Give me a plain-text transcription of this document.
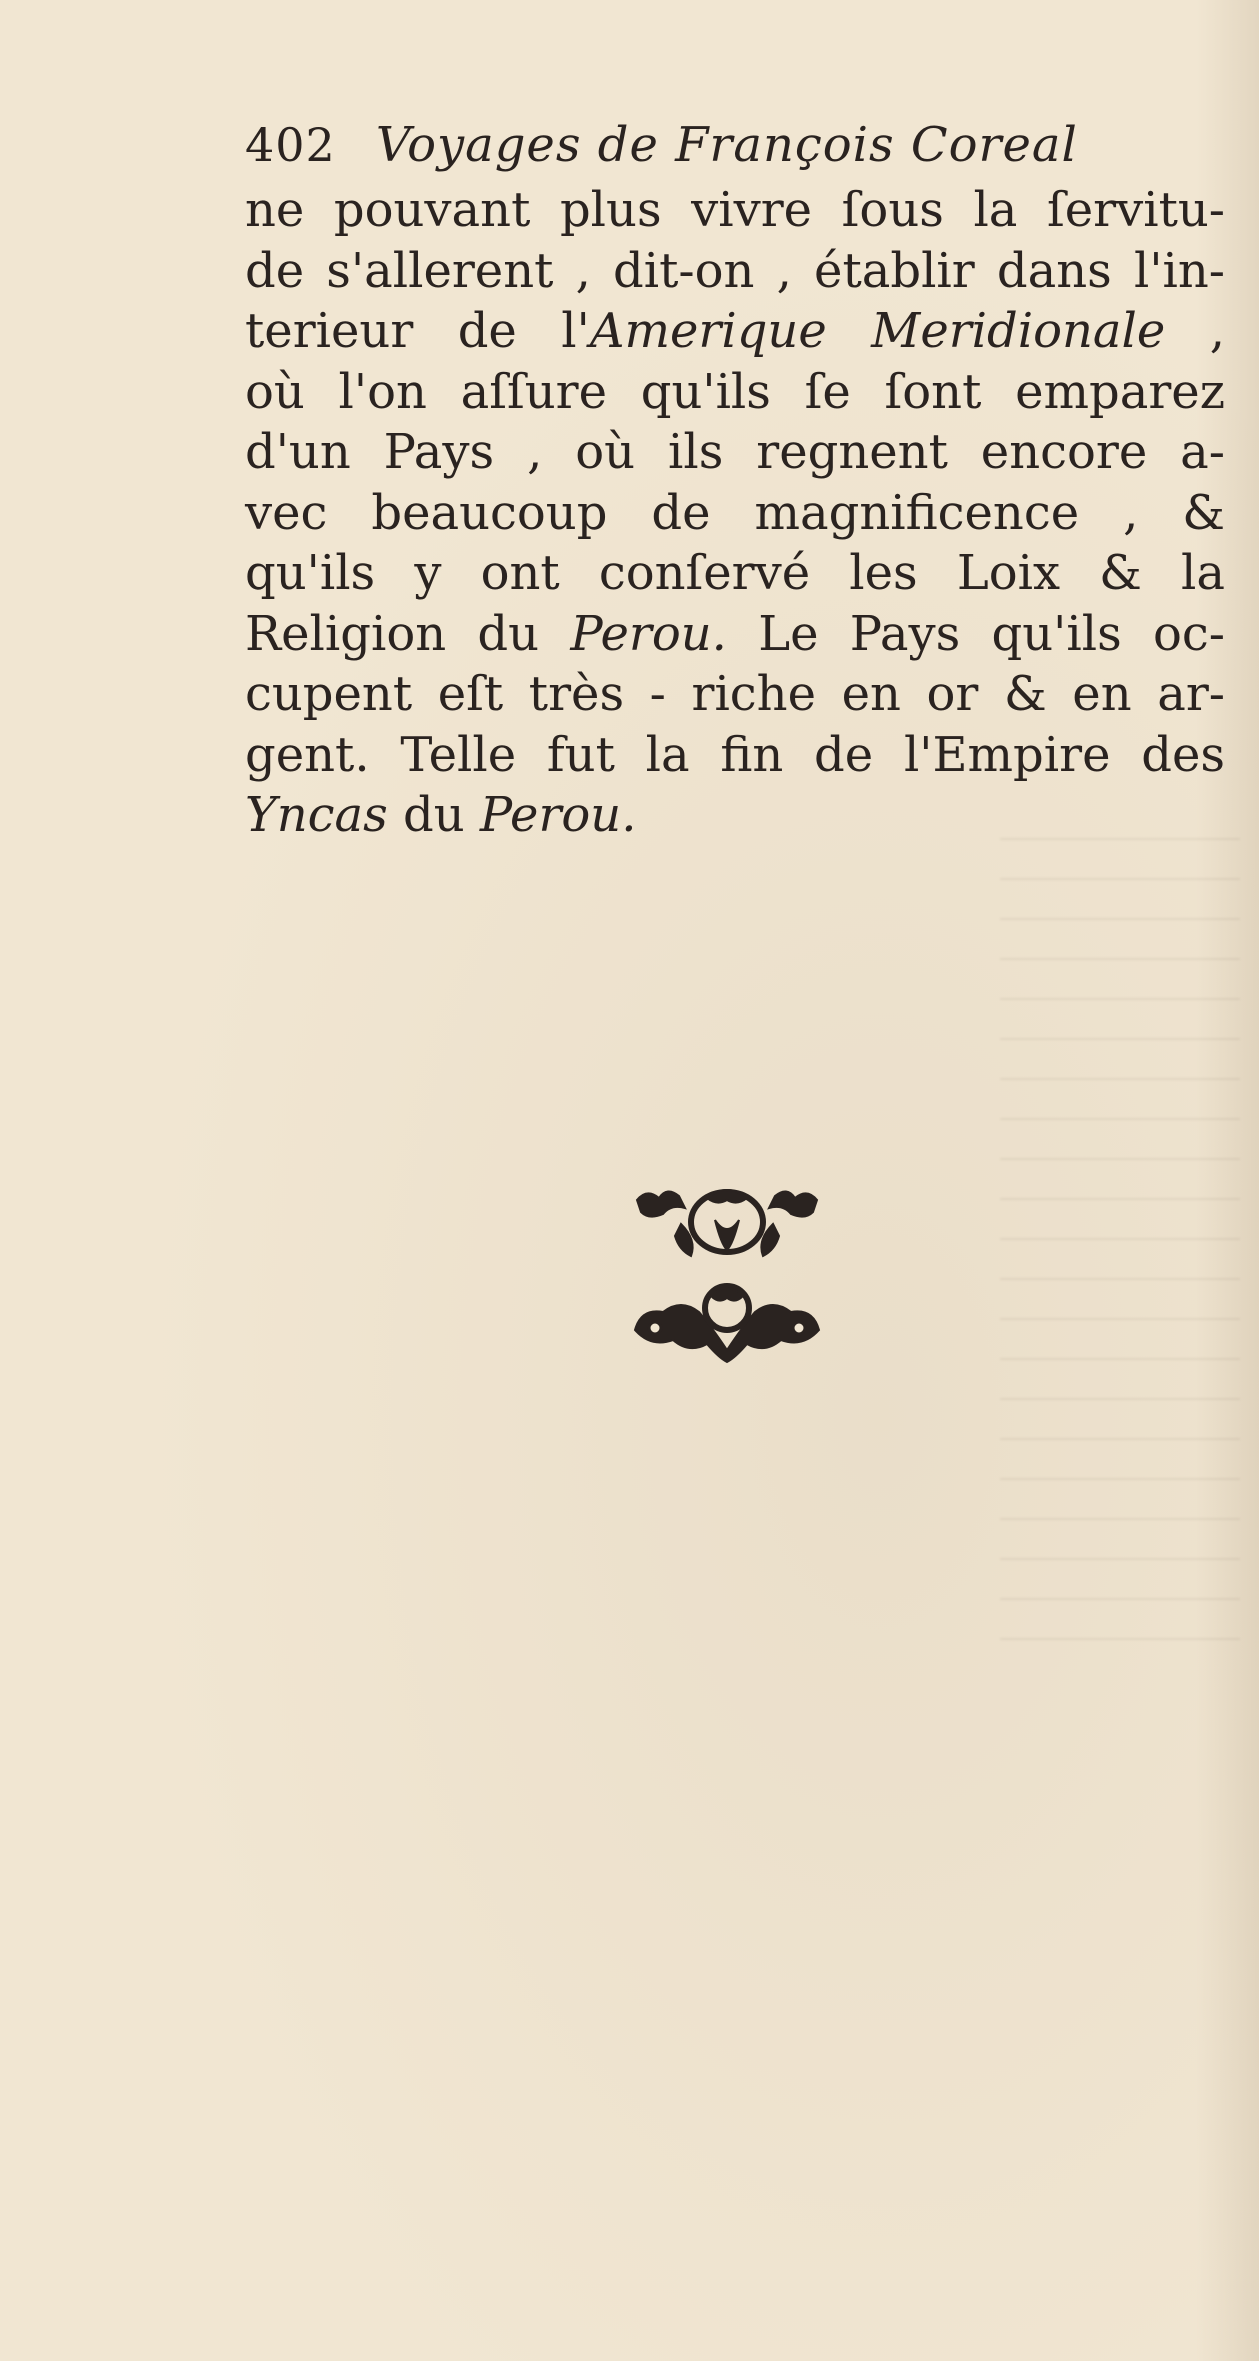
402 Voyages de François Coreal
ne pouvant plus vivre ſous la ſervitu-
de s'allerent , dit-on , établir dans l'in-
terieur de l'Amerique Meridionale ,
où l'on aſſure qu'ils ſe ſont emparez
d'un Pays , où ils regnent encore a-
vec beaucoup de magnificence , &
qu'ils y ont conſervé les Loix & la
Religion du Perou. Le Pays qu'ils oc-
cupent eſt très - riche en or & en ar-
gent. Telle fut la fin de l'Empire des
Yncas du Perou.
